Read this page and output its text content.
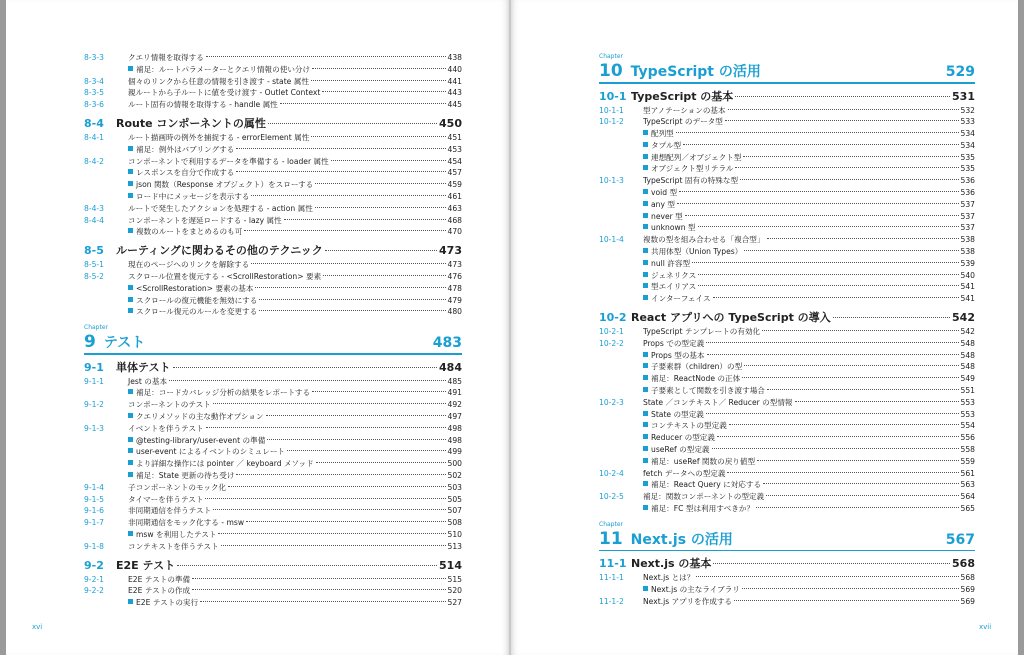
8-3-3	クエリ情報を取得する	438
補足：ルートパラメーターとクエリ情報の使い分け	440
8-3-4	個々のリンクから任意の情報を引き渡す - state 属性	441
8-3-5	親ルートから子ルートに値を受け渡す - Outlet Context	443
8-3-6	ルート固有の情報を取得する - handle 属性	445
8-4	Route コンポーネントの属性	450
8-4-1	ルート描画時の例外を捕捉する - errorElement 属性	451
補足：例外はバブリングする	453
8-4-2	コンポーネントで利用するデータを準備する - loader 属性	454
レスポンスを自分で作成する	457
json 関数（Response オブジェクト）をスローする	459
ロード中にメッセージを表示する	461
8-4-3	ルートで発生したアクションを処理する - action 属性	463
8-4-4	コンポーネントを遅延ロードする - lazy 属性	468
複数のルートをまとめるのも可	470
8-5	ルーティングに関わるその他のテクニック	473
8-5-1	現在のページへのリンクを解除する	473
8-5-2	スクロール位置を復元する - <ScrollRestoration> 要素	476
<ScrollRestoration> 要素の基本	478
スクロールの復元機能を無効にする	479
スクロール復元のルールを変更する	480
Chapter
9 テスト	483
9-1	単体テスト	484
9-1-1	Jest の基本	485
補足：コードカバレッジ分析の結果をレポートする	491
9-1-2	コンポーネントのテスト	492
クエリメソッドの主な動作オプション	497
9-1-3	イベントを伴うテスト	498
@testing-library/user-event の準備	498
user-event によるイベントのシミュレート	499
より詳細な操作には pointer ／ keyboard メソッド	500
補足：State 更新の待ち受け	502
9-1-4	子コンポーネントのモック化	503
9-1-5	タイマーを伴うテスト	505
9-1-6	非同期通信を伴うテスト	507
9-1-7	非同期通信をモック化する - msw	508
msw を利用したテスト	510
9-1-8	コンテキストを伴うテスト	513
9-2	E2E テスト	514
9-2-1	E2E テストの準備	515
9-2-2	E2E テストの作成	520
E2E テストの実行	527
xvi
Chapter
10 TypeScript の活用	529
10-1 TypeScript の基本	531
10-1-1	型アノテーションの基本	532
10-1-2	TypeScript のデータ型	533
配列型	534
タプル型	534
連想配列／オブジェクト型	535
オブジェクト型リテラル	535
10-1-3	TypeScript 固有の特殊な型	536
void 型	536
any 型	537
never 型	537
unknown 型	537
10-1-4	複数の型を組み合わせる「複合型」	538
共用体型（Union Types）	538
null 許容型	539
ジェネリクス	540
型エイリアス	541
インターフェイス	541
10-2 React アプリへの TypeScript の導入	542
10-2-1	TypeScript テンプレートの有効化	542
10-2-2	Props での型定義	548
Props 型の基本	548
子要素群（children）の型	548
補足：ReactNode の正体	549
子要素として関数を引き渡す場合	551
10-2-3	State ／コンテキスト／ Reducer の型情報	553
State の型定義	553
コンテキストの型定義	554
Reducer の型定義	556
useRef の型定義	558
補足：useRef 関数の戻り値型	559
10-2-4	fetch データへの型定義	561
補足：React Query に対応する	563
10-2-5	補足：関数コンポーネントの型定義	564
補足：FC 型は利用すべきか？	565
Chapter
11 Next.js の活用	567
11-1 Next.js の基本	568
11-1-1	Next.js とは？	568
Next.js の主なライブラリ	569
11-1-2	Next.js アプリを作成する	569
xvii
